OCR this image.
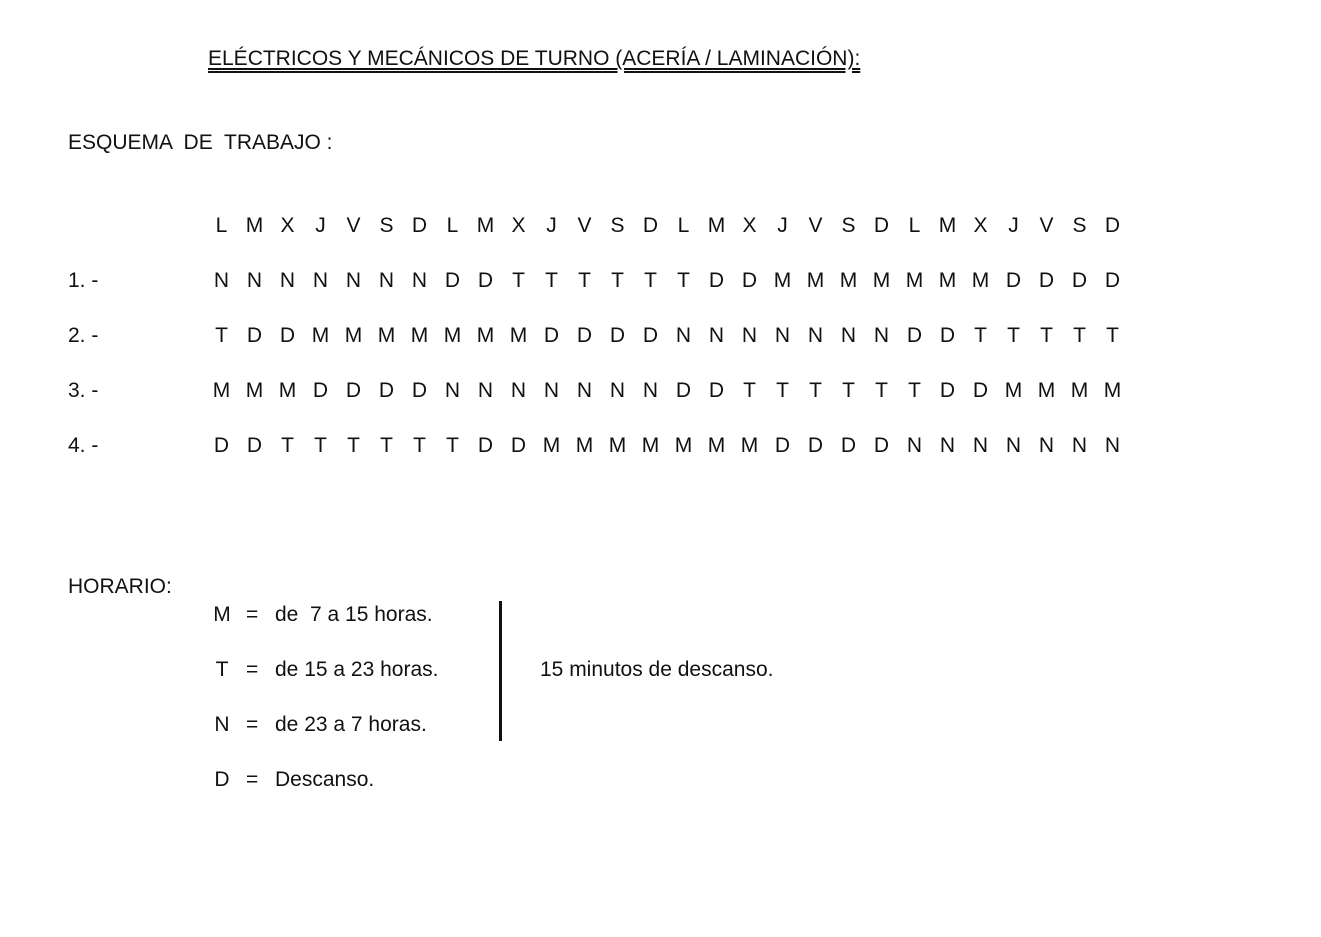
ELÉCTRICOS Y MECÁNICOS DE TURNO (ACERÍA / LAMINACIÓN):
ESQUEMA  DE  TRABAJO :
L M X J V S D L M X J V S D L M X J V S D L M X J V S D
1. -	N N N N N N N D D T T T T T T D D M M M M M M M D D D D
2. -	T D D M M M M M M M D D D D N N N N N N N D D T T T T T
3. -	M M M D D D D N N N N N N N D D T T T T T T D D M M M M
4. -	D D T T T T T T D D M M M M M M M D D D D N N N N N N N
HORARIO:
M = de  7 a 15 horas.
T = de 15 a 23 horas.
N = de 23 a 7 horas.
D = Descanso.
15 minutos de descanso.
